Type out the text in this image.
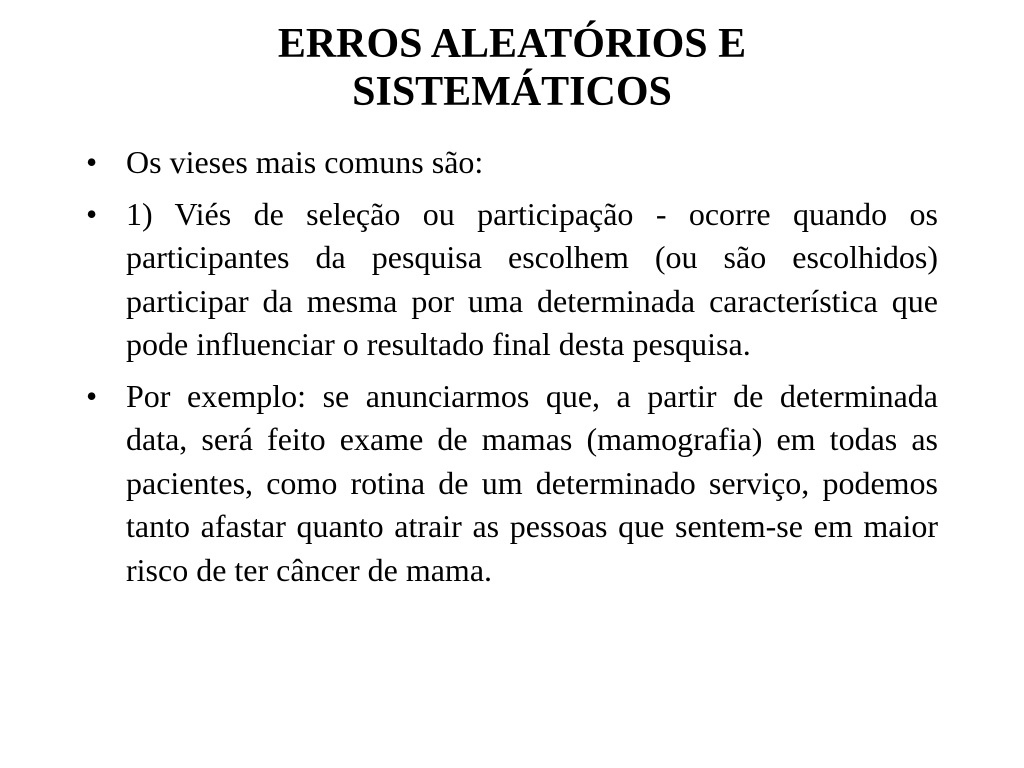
ERROS ALEATÓRIOS E
SISTEMÁTICOS
• Os vieses mais comuns são:
• 1) Viés de seleção ou participação - ocorre quando os participantes da pesquisa escolhem (ou são escolhidos) participar da mesma por uma determinada característica que pode influenciar o resultado final desta pesquisa.
• Por exemplo: se anunciarmos que, a partir de determinada data, será feito exame de mamas (mamografia) em todas as pacientes, como rotina de um determinado serviço, podemos tanto afastar quanto atrair as pessoas que sentem-se em maior risco de ter câncer de mama.
